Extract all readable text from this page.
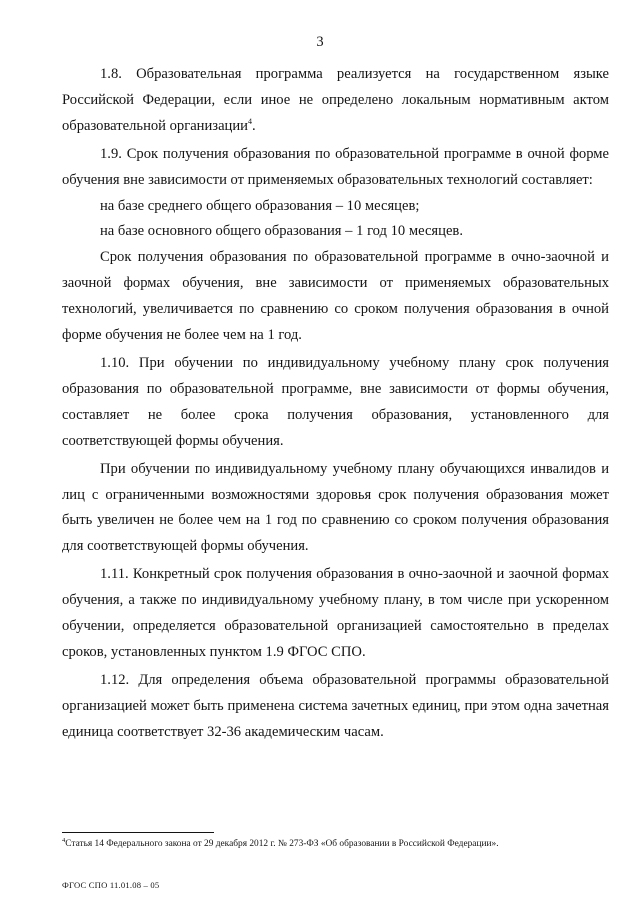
3

1.8. Образовательная программа реализуется на государственном языке Российской Федерации, если иное не определено локальным нормативным актом образовательной организации$^4$.

1.9. Срок получения образования по образовательной программе в очной форме обучения вне зависимости от применяемых образовательных технологий составляет:

на базе среднего общего образования – 10 месяцев;

на базе основного общего образования – 1 год 10 месяцев.

Срок получения образования по образовательной программе в очно-заочной и заочной формах обучения, вне зависимости от применяемых образовательных технологий, увеличивается по сравнению со сроком получения образования в очной форме обучения не более чем на 1 год.

1.10. При обучении по индивидуальному учебному плану срок получения образования по образовательной программе, вне зависимости от формы обучения, составляет не более срока получения образования, установленного для соответствующей формы обучения.

При обучении по индивидуальному учебному плану обучающихся инвалидов и лиц с ограниченными возможностями здоровья срок получения образования может быть увеличен не более чем на 1 год по сравнению со сроком получения образования для соответствующей формы обучения.

1.11. Конкретный срок получения образования в очно-заочной и заочной формах обучения, а также по индивидуальному учебному плану, в том числе при ускоренном обучении, определяется образовательной организацией самостоятельно в пределах сроков, установленных пунктом 1.9 ФГОС СПО.

1.12. Для определения объема образовательной программы образовательной организацией может быть применена система зачетных единиц, при этом одна зачетная единица соответствует 32-36 академическим часам.

$^4$Статья 14 Федерального закона от 29 декабря 2012 г. № 273-ФЗ «Об образовании в Российской Федерации».
ФГОС СПО 11.01.08 – 05
